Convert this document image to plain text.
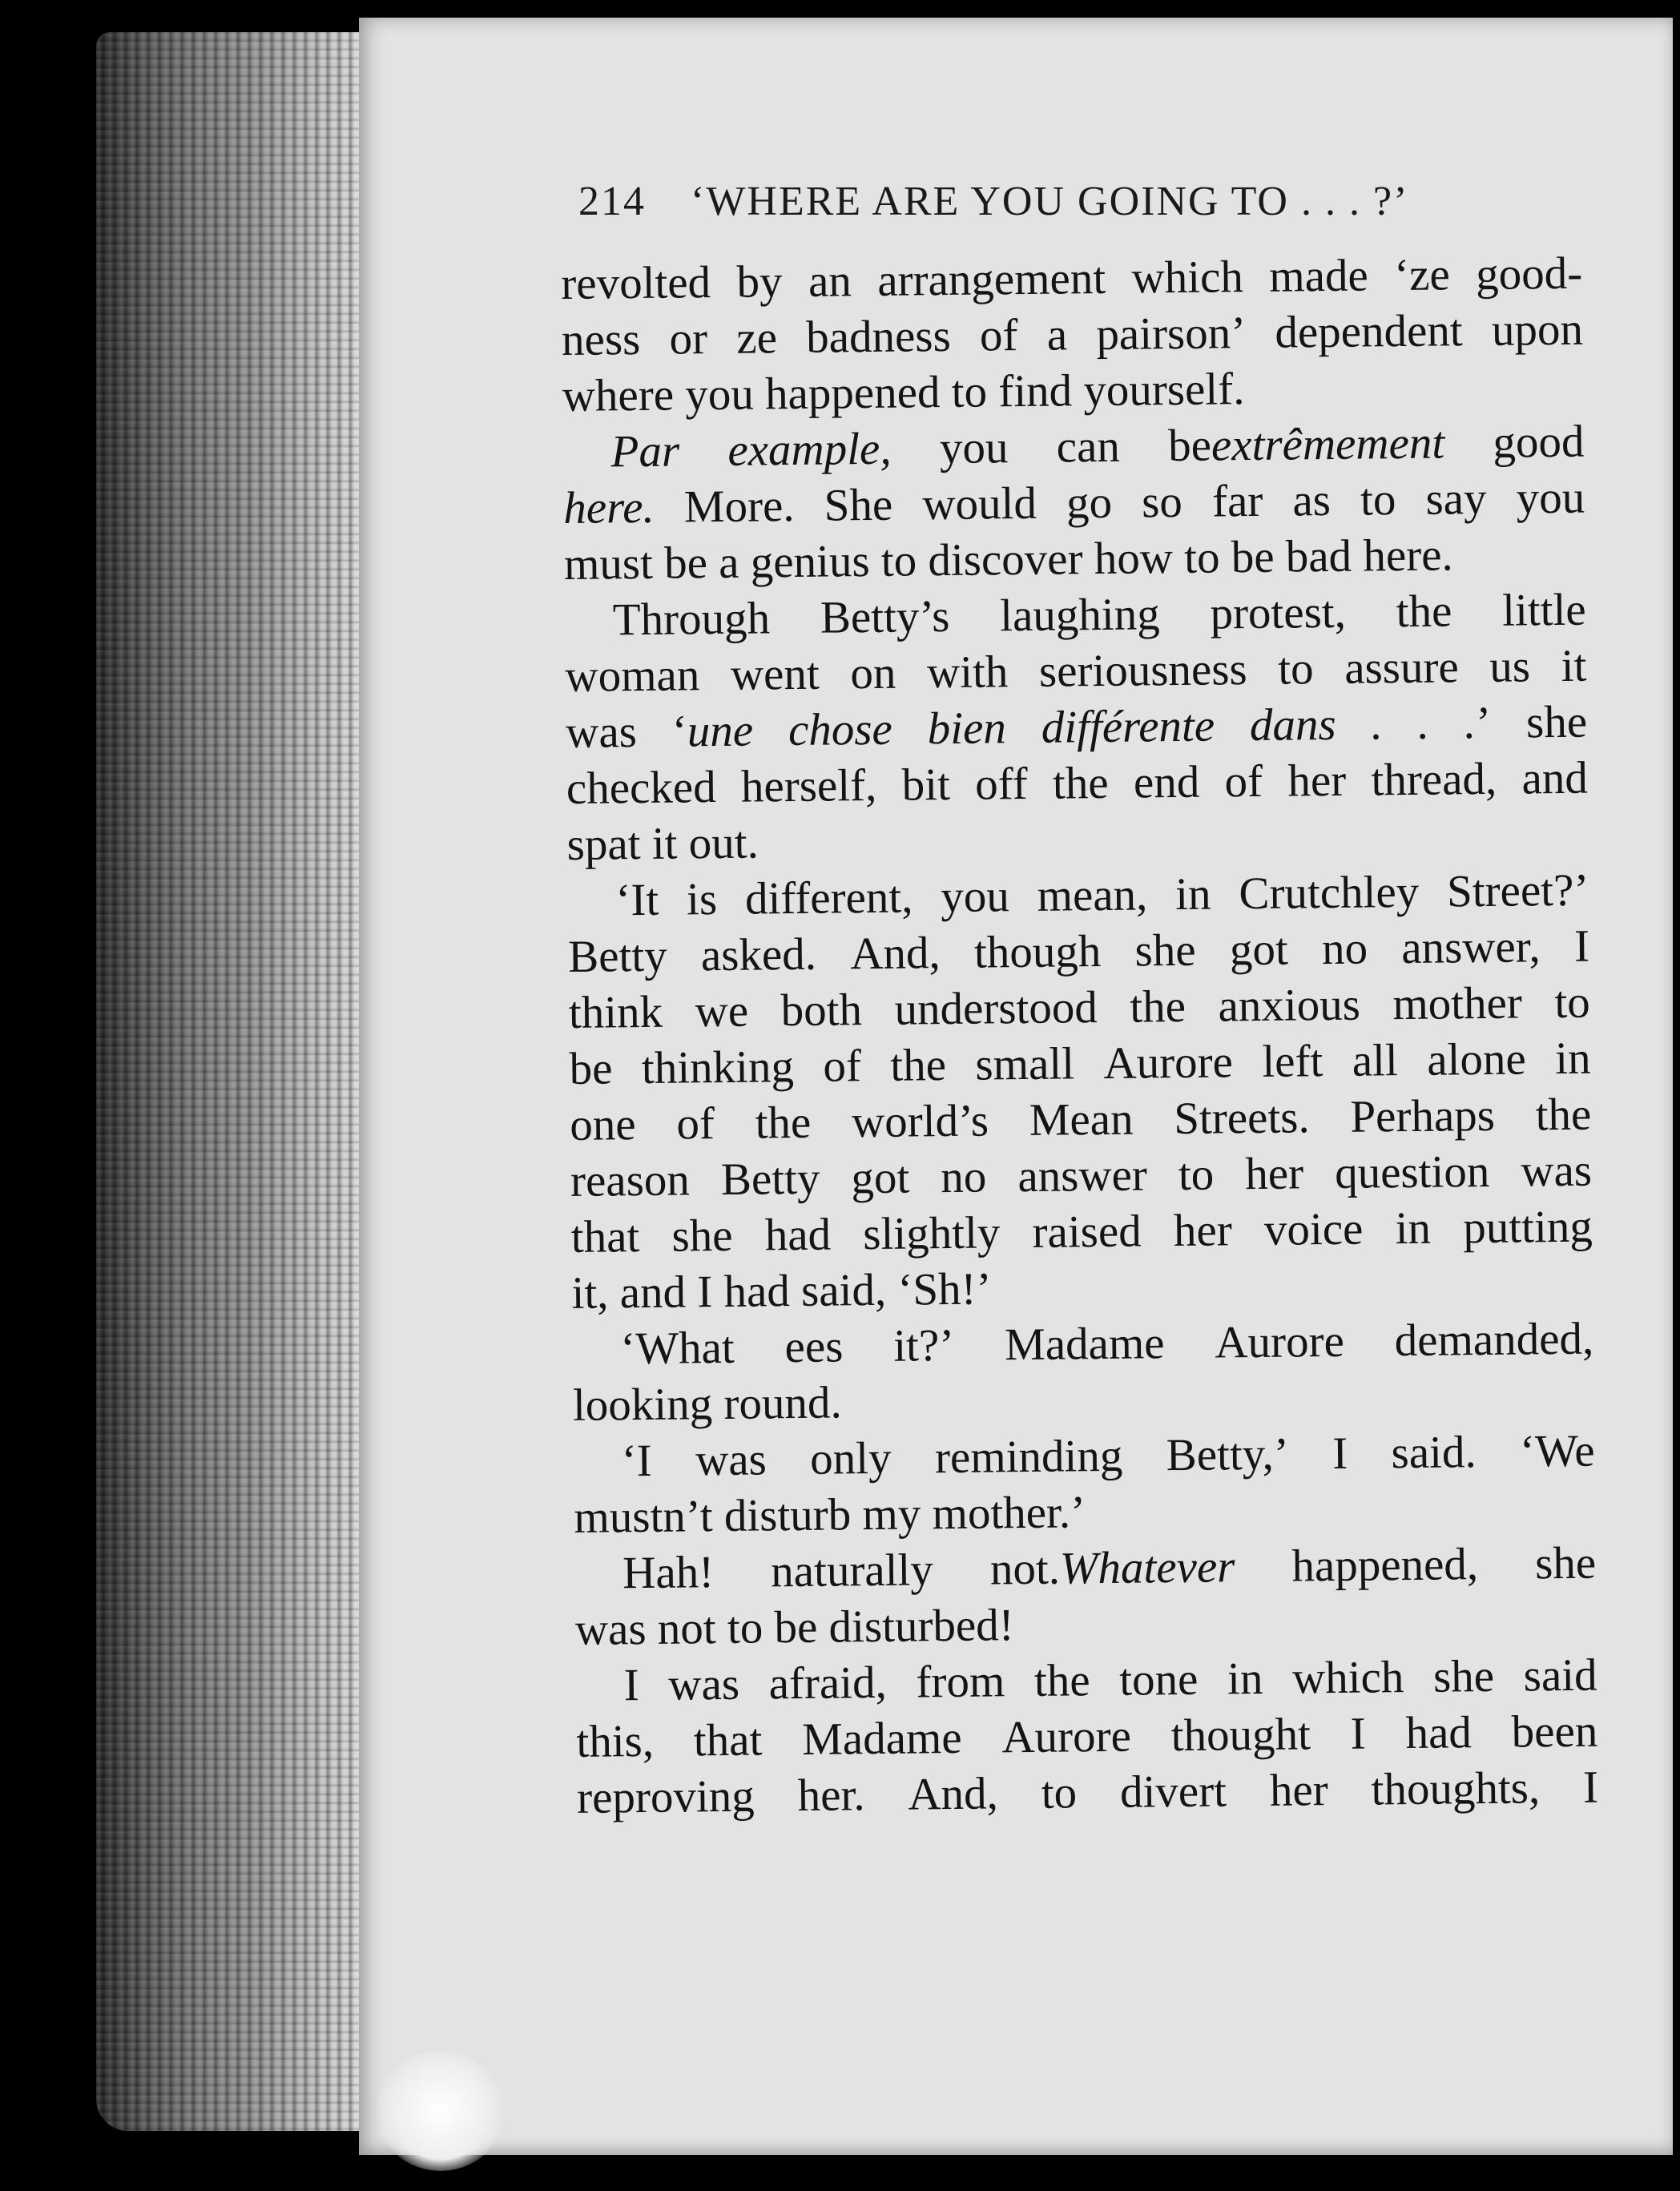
214 ‘WHERE ARE YOU GOING TO . . . ?’
revolted by an arrangement which made ‘ze good-
ness or ze badness of a pairson’ dependent upon
where you happened to find yourself.
Par example, you can beextrêmement good
here. More. She would go so far as to say you
must be a genius to discover how to be bad here.
Through Betty’s laughing protest, the little
woman went on with seriousness to assure us it
was ‘une chose bien différente dans . . .’ she
checked herself, bit off the end of her thread, and
spat it out.
‘It is different, you mean, in Crutchley Street?’
Betty asked. And, though she got no answer, I
think we both understood the anxious mother to
be thinking of the small Aurore left all alone in
one of the world’s Mean Streets. Perhaps the
reason Betty got no answer to her question was
that she had slightly raised her voice in putting
it, and I had said, ‘Sh!’
‘What ees it?’ Madame Aurore demanded,
looking round.
‘I was only reminding Betty,’ I said. ‘We
mustn’t disturb my mother.’
Hah! naturally not.Whatever happened, she
was not to be disturbed!
I was afraid, from the tone in which she said
this, that Madame Aurore thought I had been
reproving her. And, to divert her thoughts, I
